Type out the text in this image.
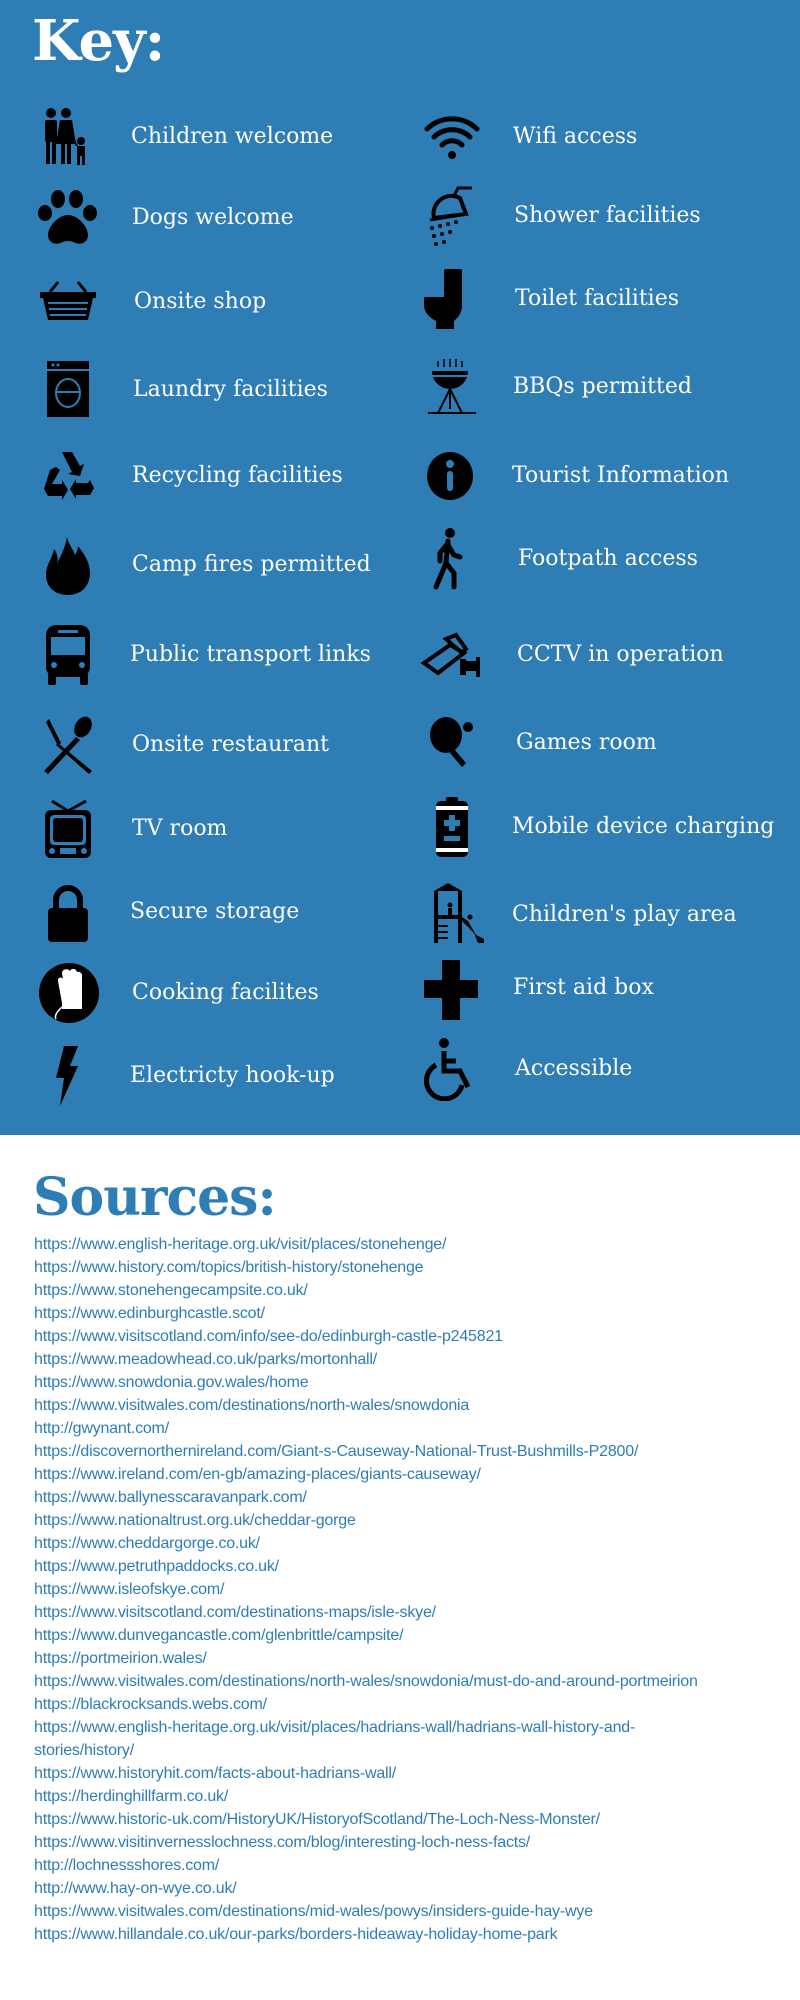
Key:
Children welcome
Dogs welcome
Onsite shop
Laundry facilities
Recycling facilities
Camp fires permitted
Public transport links
Onsite restaurant
TV room
Secure storage
Cooking facilites
Electricty hook-up
Wifi access
Shower facilities
Toilet facilities
BBQs permitted
Tourist Information
Footpath access
CCTV in operation
Games room
Mobile device charging
Children's play area
First aid box
Accessible
Sources:
https://www.english-heritage.org.uk/visit/places/stonehenge/
https://www.history.com/topics/british-history/stonehenge
https://www.stonehengecampsite.co.uk/
https://www.edinburghcastle.scot/
https://www.visitscotland.com/info/see-do/edinburgh-castle-p245821
https://www.meadowhead.co.uk/parks/mortonhall/
https://www.snowdonia.gov.wales/home
https://www.visitwales.com/destinations/north-wales/snowdonia
http://gwynant.com/
https://discovernorthernireland.com/Giant-s-Causeway-National-Trust-Bushmills-P2800/
https://www.ireland.com/en-gb/amazing-places/giants-causeway/
https://www.ballynesscaravanpark.com/
https://www.nationaltrust.org.uk/cheddar-gorge
https://www.cheddargorge.co.uk/
https://www.petruthpaddocks.co.uk/
https://www.isleofskye.com/
https://www.visitscotland.com/destinations-maps/isle-skye/
https://www.dunvegancastle.com/glenbrittle/campsite/
https://portmeirion.wales/
https://www.visitwales.com/destinations/north-wales/snowdonia/must-do-and-around-portmeirion
https://blackrocksands.webs.com/
https://www.english-heritage.org.uk/visit/places/hadrians-wall/hadrians-wall-history-and-
stories/history/
https://www.historyhit.com/facts-about-hadrians-wall/
https://herdinghillfarm.co.uk/
https://www.historic-uk.com/HistoryUK/HistoryofScotland/The-Loch-Ness-Monster/
https://www.visitinvernesslochness.com/blog/interesting-loch-ness-facts/
http://lochnessshores.com/
http://www.hay-on-wye.co.uk/
https://www.visitwales.com/destinations/mid-wales/powys/insiders-guide-hay-wye
https://www.hillandale.co.uk/our-parks/borders-hideaway-holiday-home-park
